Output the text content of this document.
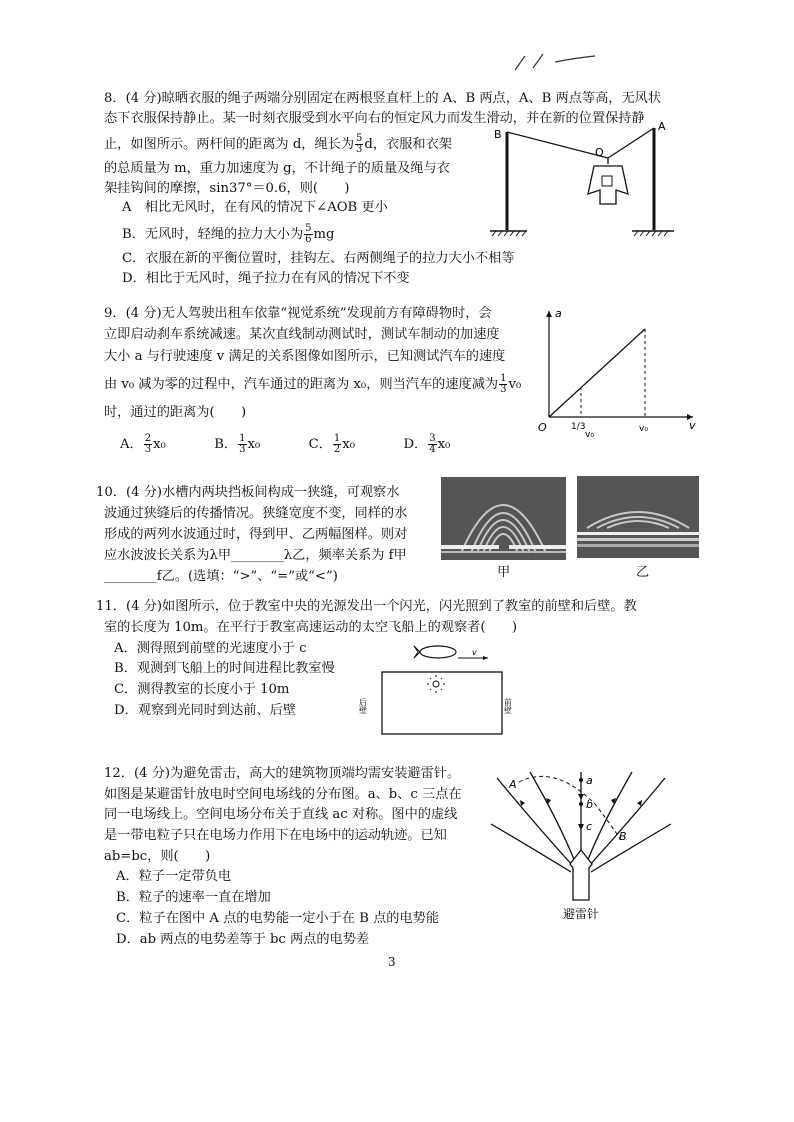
8．(4 分)晾晒衣服的绳子两端分别固定在两根竖直杆上的 A、B 两点，A、B 两点等高，无风状
态下衣服保持静止。某一时刻衣服受到水平向右的恒定风力而发生滑动，并在新的位置保持静
止，如图所示。两杆间的距离为 d，绳长为 $\frac{5}{3}$ d，衣服和衣架
的总质量为 m，重力加速度为 g，不计绳子的质量及绳与衣
架挂钩间的摩擦，sin37°＝0.6，则(　　)
A　相比无风时，在有风的情况下∠AOB 更小
B．无风时，轻绳的拉力大小为 $\frac{5}{6}$ mg
C．衣服在新的平衡位置时，挂钩左、右两侧绳子的拉力大小不相等
D．相比于无风时，绳子拉力在有风的情况下不变
B
A
O
9．(4 分)无人驾驶出租车依靠“视觉系统”发现前方有障碍物时，会
立即启动刹车系统减速。某次直线制动测试时，测试车制动的加速度
大小 a 与行驶速度 v 满足的关系图像如图所示，已知测试汽车的速度
由 v₀ 减为零的过程中，汽车通过的距离为 x₀，则当汽车的速度减为 $\frac{1}{3} v_0$
时，通过的距离为(　　)
A． $\frac{2}{3} x_0$	B． $\frac{1}{3} x_0$	C． $\frac{1}{2} x_0$	D． $\frac{3}{4} x_0$
a
v
O	1/3
v₀
v₀
10．(4 分)水槽内两块挡板间构成一狭缝，可观察水
波通过狭缝后的传播情况。狭缝宽度不变，同样的水
形成的两列水波通过时，得到甲、乙两幅图样。则对
应水波波长关系为λ甲________λ乙，频率关系为 f甲
________f乙。(选填：“>”、“=”或“<”)	甲	乙
11．(4 分)如图所示，位于教室中央的光源发出一个闪光，闪光照到了教室的前壁和后壁。教
室的长度为 10m。在平行于教室高速运动的太空飞船上的观察者(　　)
A．测得照到前壁的光速度小于 c
B．观测到飞船上的时间进程比教室慢
C．测得教室的长度小于 10m
D．观察到光同时到达前、后壁
v
后壁	前壁
12．(4 分)为避免雷击，高大的建筑物顶端均需安装避雷针。
如图是某避雷针放电时空间电场线的分布图。a、b、c 三点在
同一电场线上。空间电场分布关于直线 ac 对称。图中的虚线
是一带电粒子只在电场力作用下在电场中的运动轨迹。已知
ab=bc，则(　　)
A．粒子一定带负电
B．粒子的速率一直在增加
C．粒子在图中 A 点的电势能一定小于在 B 点的电势能
D．ab 两点的电势差等于 bc 两点的电势差
A
B
a
b
c
避雷针
3
